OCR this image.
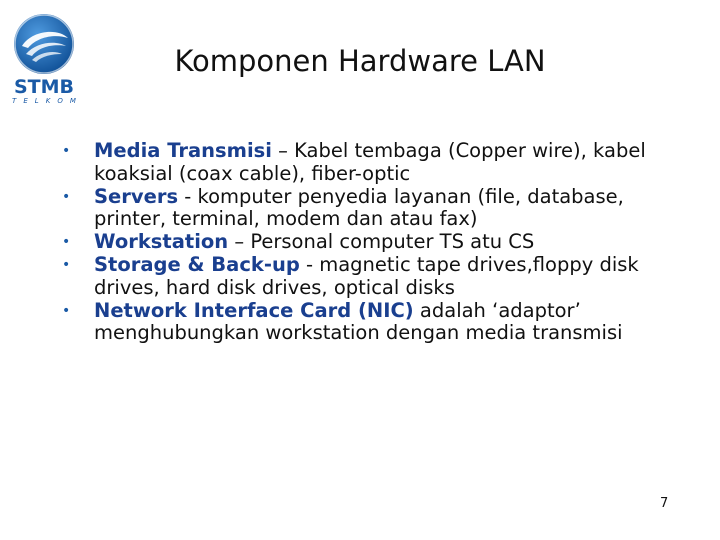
STMB
T E L K O M
Komponen Hardware LAN
• Media Transmisi – Kabel tembaga (Copper wire), kabel koaksial (coax cable), fiber-optic
• Servers - komputer penyedia layanan (file, database, printer, terminal, modem dan atau fax)
• Workstation – Personal computer TS atu CS
• Storage & Back-up - magnetic tape drives,floppy disk drives, hard disk drives, optical disks
• Network Interface Card (NIC) adalah ‘adaptor’ menghubungkan workstation dengan media transmisi
7
